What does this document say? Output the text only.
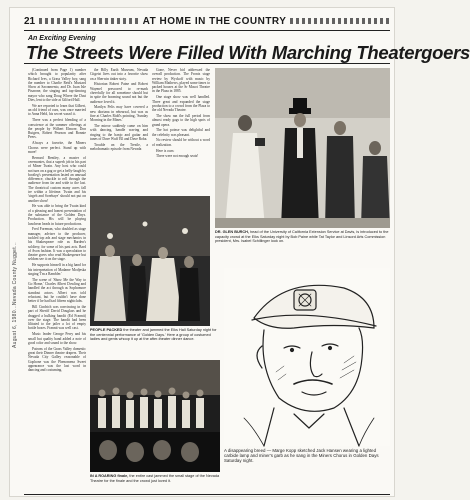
August 6, 1980...Nevada County Nugget...
21	AT HOME IN THE COUNTRY
An Exciting Evening
The Streets Were Filled With Marching Theatergoers

(Continued from Page 1) number which brought to popularity after Richard Ives, a Grass Valley boy, sang the number to Charlie Reid's Mustard Show at Sacramento, and Dr. Juan Isle Pisarone, the singing and tap-dancing mayor who sang Doug Where the Dust Dies, lent to the side at Gilford Hall.

We are reported to learn that Gilbert, an old friend of ours, was once married to Anna Held, his secret wasn't it.

There was a perfect blending of a conscience at the summer offerings at the people by Wilbert Elmore, Don Rutgers, Robert Pearson and Bonnie Peers.

Always a favorite, the Miners Chorus were perfect. Stand up with more!

Bernard Bentley, a master of ceremonies, that a superb job in his part of Miner Twain. Any host who could not turn on a gag or get a belly-laugh by bootleg's presentation lasted an unusual difference, chuckle to roll through the audience from far and wide to the last. The theatrical custom many acres fall ire within a lifetime. Twain and his 'sirgeh and Sorehaye' should not put on another show!

He was able to bring the Twain kind of a pleasing and honest presentation of the substance of the Golden Days. Production. His will be playing luncheon heads in future productions.

Fred Foreman, who doubled as stage manager, adviser to the producer, tackled top ads and stage mechanics in his Shakespeare role as Barden's soldiery, for some of his past acts. Bard of Avon fashion. It was a speculation to theatre goers who read Shakespeare but seldom see it on the stage.

He supports himself in a big hand for his interpretation of Madame Modjeska singing 'I'm a Rambler.'

The scene of 'Show Me the Way to Go Home,' Charles Albert Dowling and handled the act through as Sophomore standout actors. Albert was told reluctant, but he couldn't have done better if he had had fifteen nightclubs.

Bill Cindrich was convincing in the part of Sheriff David Douglass and he dragged a hulking bandit (Ed Frannit) over the stage. The bandit had been lilitated to the jailer a lot of empty bottle boxes. Frannit was well cast.

Music leader George Perry and his small but quality band added a note of good color and sound to the show.

Patrons of the Grass Valley domestic great their Dinner theatre drapers. Their Nevada City Galley reasonable of Gophone was the Phenomena Sweet appearance was the last word in dancing and costuming.

the Billy Earth Museum, Nevada Citgeist lives out into a favorite show on a Sherwin tinker stoty.

Historian Robert Paine and Robert Waymel prescored to re-mark cheerfully for all sometime should but in spite the booming sound not but the audience loved it.

Marilyn Pelis may have covered a new dioriana in rehearsal, but was as fine at Charles Ridd's pointing, 'Sunday Morning in the Mines.'

The mirror suddenly came on him with dancing, handle waving and ringing to the banjo and guitar and tunes of Dave Wuff Ell and Dave Roba.

Trouble on the Trestle, a melodramatic episode from Nevada

Gone, Never bid addressed the overall production. The Fronts stage review by Wyckoff with music by William Mathews, played some times to packed houses at the Sr Masot Theatre in the Plaza in 1885.

One stage show was well handled. Three great and expanded the stage production to a crowd from the Plaza to the old Nevada Theatre.

The show ran the full period from almost ready gags to the high spots of grand opera.

The hot poinse was delightful and the celebrity was pleasant.

No review should be without a word of realization.

Here is ours:

There were not enough seats!

DR. GLEN BURCH, head of the University of California Extension Service at Davis, is introduced to the capacity crowd at the Elks Saturday night by Bob Paine while Tat Taylor and Linsord Arts Commission president, Mrs. Isabel Schillinger look on.
PEOPLE PACKED the theater and jammed the Elks Hall Saturday night for the centennial performance of 'Golden Days.' Here a group of costumed ladies and gents whoop it up at the after-theater dinner dance.
IN A ROARING finale, the entire cast jammed the small stage of the Nevada Theatre for the finale and the crowd just loved it.
A disappearing breed — Marge Kopp sketched Jack Hansen wearing a lighted carbide lamp and miner's garb as he sang in the Miners Chorus in Golden Days Saturday night.
